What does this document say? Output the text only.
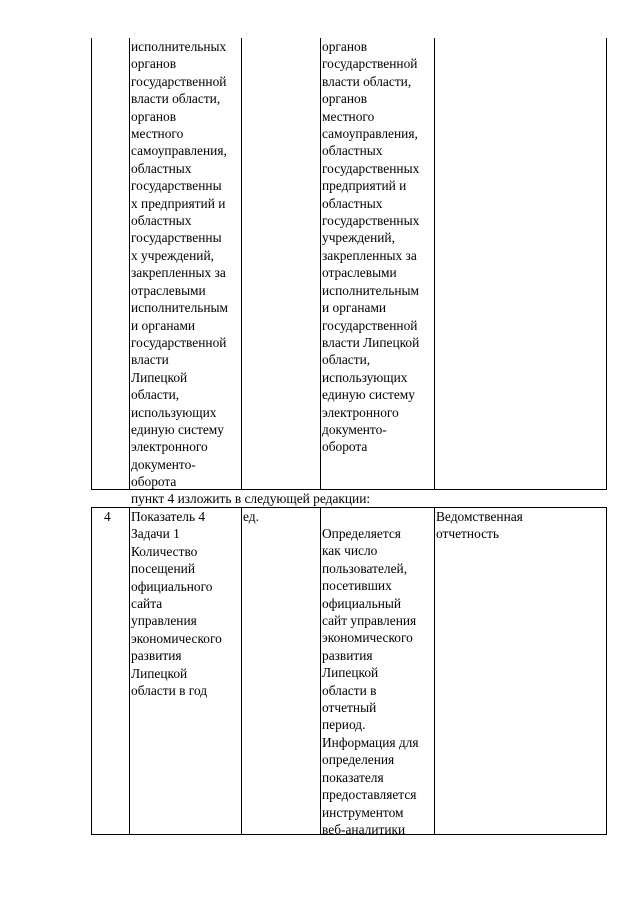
исполнительных
органов
государственной
власти области,
органов
местного
самоуправления,
областных
государственны
х предприятий и
областных
государственны
х учреждений,
закрепленных за
отраслевыми
исполнительным
и органами
государственной
власти
Липецкой
области,
использующих
единую систему
электронного
документо-
оборота
органов
государственной
власти области,
органов
местного
самоуправления,
областных
государственных
предприятий и
областных
государственных
учреждений,
закрепленных за
отраслевыми
исполнительным
и органами
государственной
власти Липецкой
области,
использующих
единую систему
электронного
документо-
оборота
пункт 4 изложить в следующей редакции:
4 Показатель 4
Задачи 1
Количество
посещений
официального
сайта
управления
экономического
развития
Липецкой
области в год
ед.
Определяется
как число
пользователей,
посетивших
официальный
сайт управления
экономического
развития
Липецкой
области в
отчетный
период.
Информация для
определения
показателя
предоставляется
инструментом
веб-аналитики
Ведомственная
отчетность
